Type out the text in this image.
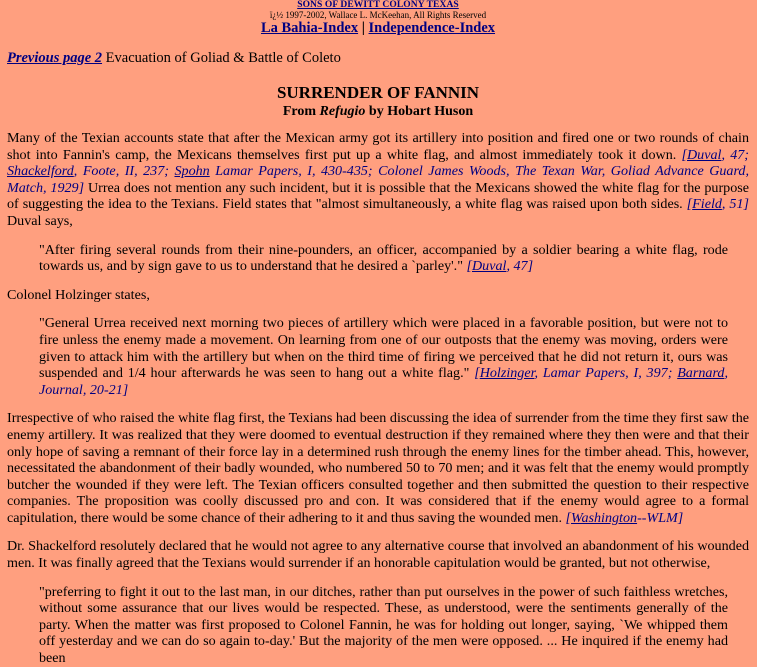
SONS OF DEWITT COLONY TEXAS
ï¿½ 1997-2002, Wallace L. McKeehan, All Rights Reserved
La Bahia-Index | Independence-Index
Previous page 2 Evacuation of Goliad & Battle of Coleto
SURRENDER OF FANNIN
From Refugio by Hobart Huson

Many of the Texian accounts state that after the Mexican army got its artillery into position and fired one or two rounds of chain shot into Fannin's camp, the Mexicans themselves first put up a white flag, and almost immediately took it down. [Duval, 47; Shackelford, Foote, II, 237; Spohn Lamar Papers, I, 430-435; Colonel James Woods, The Texan War, Goliad Advance Guard, Match, 1929] Urrea does not mention any such incident, but it is possible that the Mexicans showed the white flag for the purpose of suggesting the idea to the Texians. Field states that "almost simultaneously, a white flag was raised upon both sides. [Field, 51] Duval says,

"After firing several rounds from their nine-pounders, an officer, accompanied by a soldier bearing a white flag, rode towards us, and by sign gave to us to understand that he desired a `parley'." [Duval, 47]

Colonel Holzinger states,

"General Urrea received next morning two pieces of artillery which were placed in a favorable position, but were not to fire unless the enemy made a movement. On learning from one of our outposts that the enemy was moving, orders were given to attack him with the artillery but when on the third time of firing we perceived that he did not return it, ours was suspended and 1/4 hour afterwards he was seen to hang out a white flag." [Holzinger, Lamar Papers, I, 397; Barnard, Journal, 20-21]

Irrespective of who raised the white flag first, the Texians had been discussing the idea of surrender from the time they first saw the enemy artillery. It was realized that they were doomed to eventual destruction if they remained where they then were and that their only hope of saving a remnant of their force lay in a determined rush through the enemy lines for the timber ahead. This, however, necessitated the abandonment of their badly wounded, who numbered 50 to 70 men; and it was felt that the enemy would promptly butcher the wounded if they were left. The Texian officers consulted together and then submitted the question to their respective companies. The proposition was coolly discussed pro and con. It was considered that if the enemy would agree to a formal capitulation, there would be some chance of their adhering to it and thus saving the wounded men. [Washington--WLM]

Dr. Shackelford resolutely declared that he would not agree to any alternative course that involved an abandonment of his wounded men. It was finally agreed that the Texians would surrender if an honorable capitulation would be granted, but not otherwise,

"preferring to fight it out to the last man, in our ditches, rather than put ourselves in the power of such faithless wretches, without some assurance that our lives would be respected. These, as understood, were the sentiments generally of the party. When the matter was first proposed to Colonel Fannin, he was for holding out longer, saying, `We whipped them off yesterday and we can do so again to-day.' But the majority of the men were opposed. ... He inquired if the enemy had been
